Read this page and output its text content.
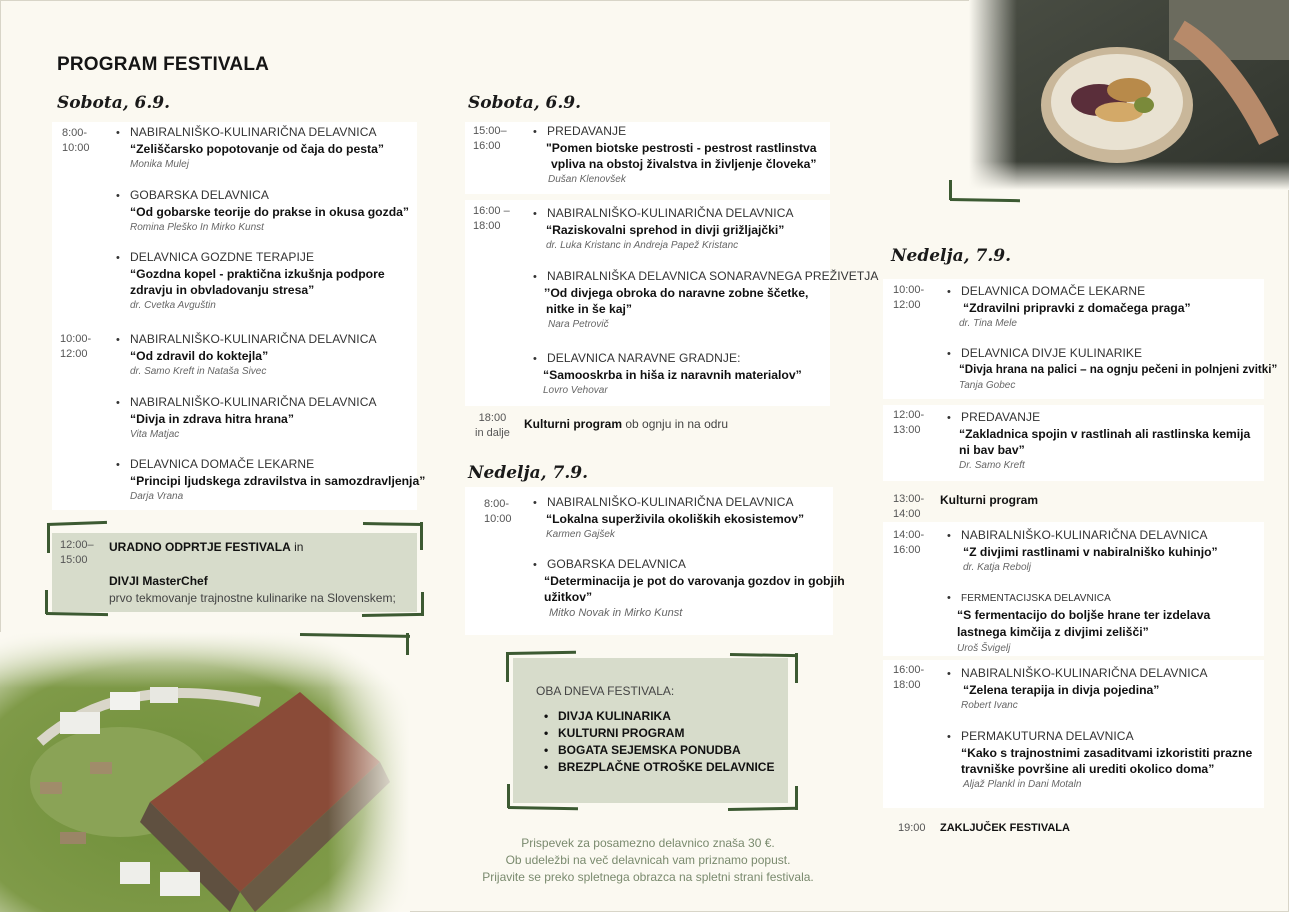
PROGRAM FESTIVALA
Sobota, 6.9.
8:00-
10:00
• NABIRALNIŠKO-KULINARIČNA DELAVNICA
“Zeliščarsko popotovanje od čaja do pesta”
Monika Mulej
• GOBARSKA DELAVNICA
“Od gobarske teorije do prakse in okusa gozda”
Romina Pleško In Mirko Kunst
• DELAVNICA GOZDNE TERAPIJE
“Gozdna kopel - praktična izkušnja podpore
zdravju in obvladovanju stresa”
dr. Cvetka Avguštin
10:00-
12:00
• NABIRALNIŠKO-KULINARIČNA DELAVNICA
“Od zdravil do koktejla”
dr. Samo Kreft in Nataša Sivec
• NABIRALNIŠKO-KULINARIČNA DELAVNICA
“Divja in zdrava hitra hrana”
Vita Matjac
• DELAVNICA DOMAČE LEKARNE
“Principi ljudskega zdravilstva in samozdravljenja”
Darja Vrana
12:00–
15:00
URADNO ODPRTJE FESTIVALA in
DIVJI MasterChef
prvo tekmovanje trajnostne kulinarike na Slovenskem;
Sobota, 6.9.
15:00–
16:00
• PREDAVANJE
"Pomen biotske pestrosti - pestrost rastlinstva
vpliva na obstoj živalstva in življenje človeka”
Dušan Klenovšek
16:00 –
18:00
• NABIRALNIŠKO-KULINARIČNA DELAVNICA
“Raziskovalni sprehod in divji grižljajčki”
dr. Luka Kristanc in Andreja Papež Kristanc
• NABIRALNIŠKA DELAVNICA SONARAVNEGA PREŽIVETJA
’’Od divjega obroka do naravne zobne ščetke,
nitke in še kaj”
Nara Petrovič
• DELAVNICA NARAVNE GRADNJE:
“Samooskrba in hiša iz naravnih materialov”
Lovro Vehovar
18:00
in dalje
Kulturni program ob ognju in na odru
Nedelja, 7.9.
8:00-
10:00
• NABIRALNIŠKO-KULINARIČNA DELAVNICA
“Lokalna superživila okoliških ekosistemov”
Karmen Gajšek
• GOBARSKA DELAVNICA
“Determinacija je pot do varovanja gozdov in gobjih
užitkov”
Mitko Novak in Mirko Kunst
OBA DNEVA FESTIVALA:
• DIVJA KULINARIKA
• KULTURNI PROGRAM
• BOGATA SEJEMSKA PONUDBA
• BREZPLAČNE OTROŠKE DELAVNICE
Prispevek za posamezno delavnico znaša 30 €.
Ob udeležbi na več delavnicah vam priznamo popust.
Prijavite se preko spletnega obrazca na spletni strani festivala.
Nedelja, 7.9.
10:00-
12:00
• DELAVNICA DOMAČE LEKARNE
“Zdravilni pripravki z domačega praga”
dr. Tina Mele
• DELAVNICA DIVJE KULINARIKE
“Divja hrana na palici – na ognju pečeni in polnjeni zvitki”
Tanja Gobec
12:00-
13:00
• PREDAVANJE
“Zakladnica spojin v rastlinah ali rastlinska kemija
ni bav bav”
Dr. Samo Kreft
13:00-
14:00
Kulturni program
14:00-
16:00
• NABIRALNIŠKO-KULINARIČNA DELAVNICA
“Z divjimi rastlinami v nabiralniško kuhinjo”
dr. Katja Rebolj
• FERMENTACIJSKA DELAVNICA
“S fermentacijo do boljše hrane ter izdelava
lastnega kimčija z divjimi zelišči”
Uroš Švigelj
16:00-
18:00
• NABIRALNIŠKO-KULINARIČNA DELAVNICA
“Zelena terapija in divja pojedina”
Robert Ivanc
• PERMAKUTURNA DELAVNICA
“Kako s trajnostnimi zasaditvami izkoristiti prazne
travniške površine ali urediti okolico doma”
Aljaž Plankl in Dani Motaln
19:00 ZAKLJUČEK FESTIVALA
